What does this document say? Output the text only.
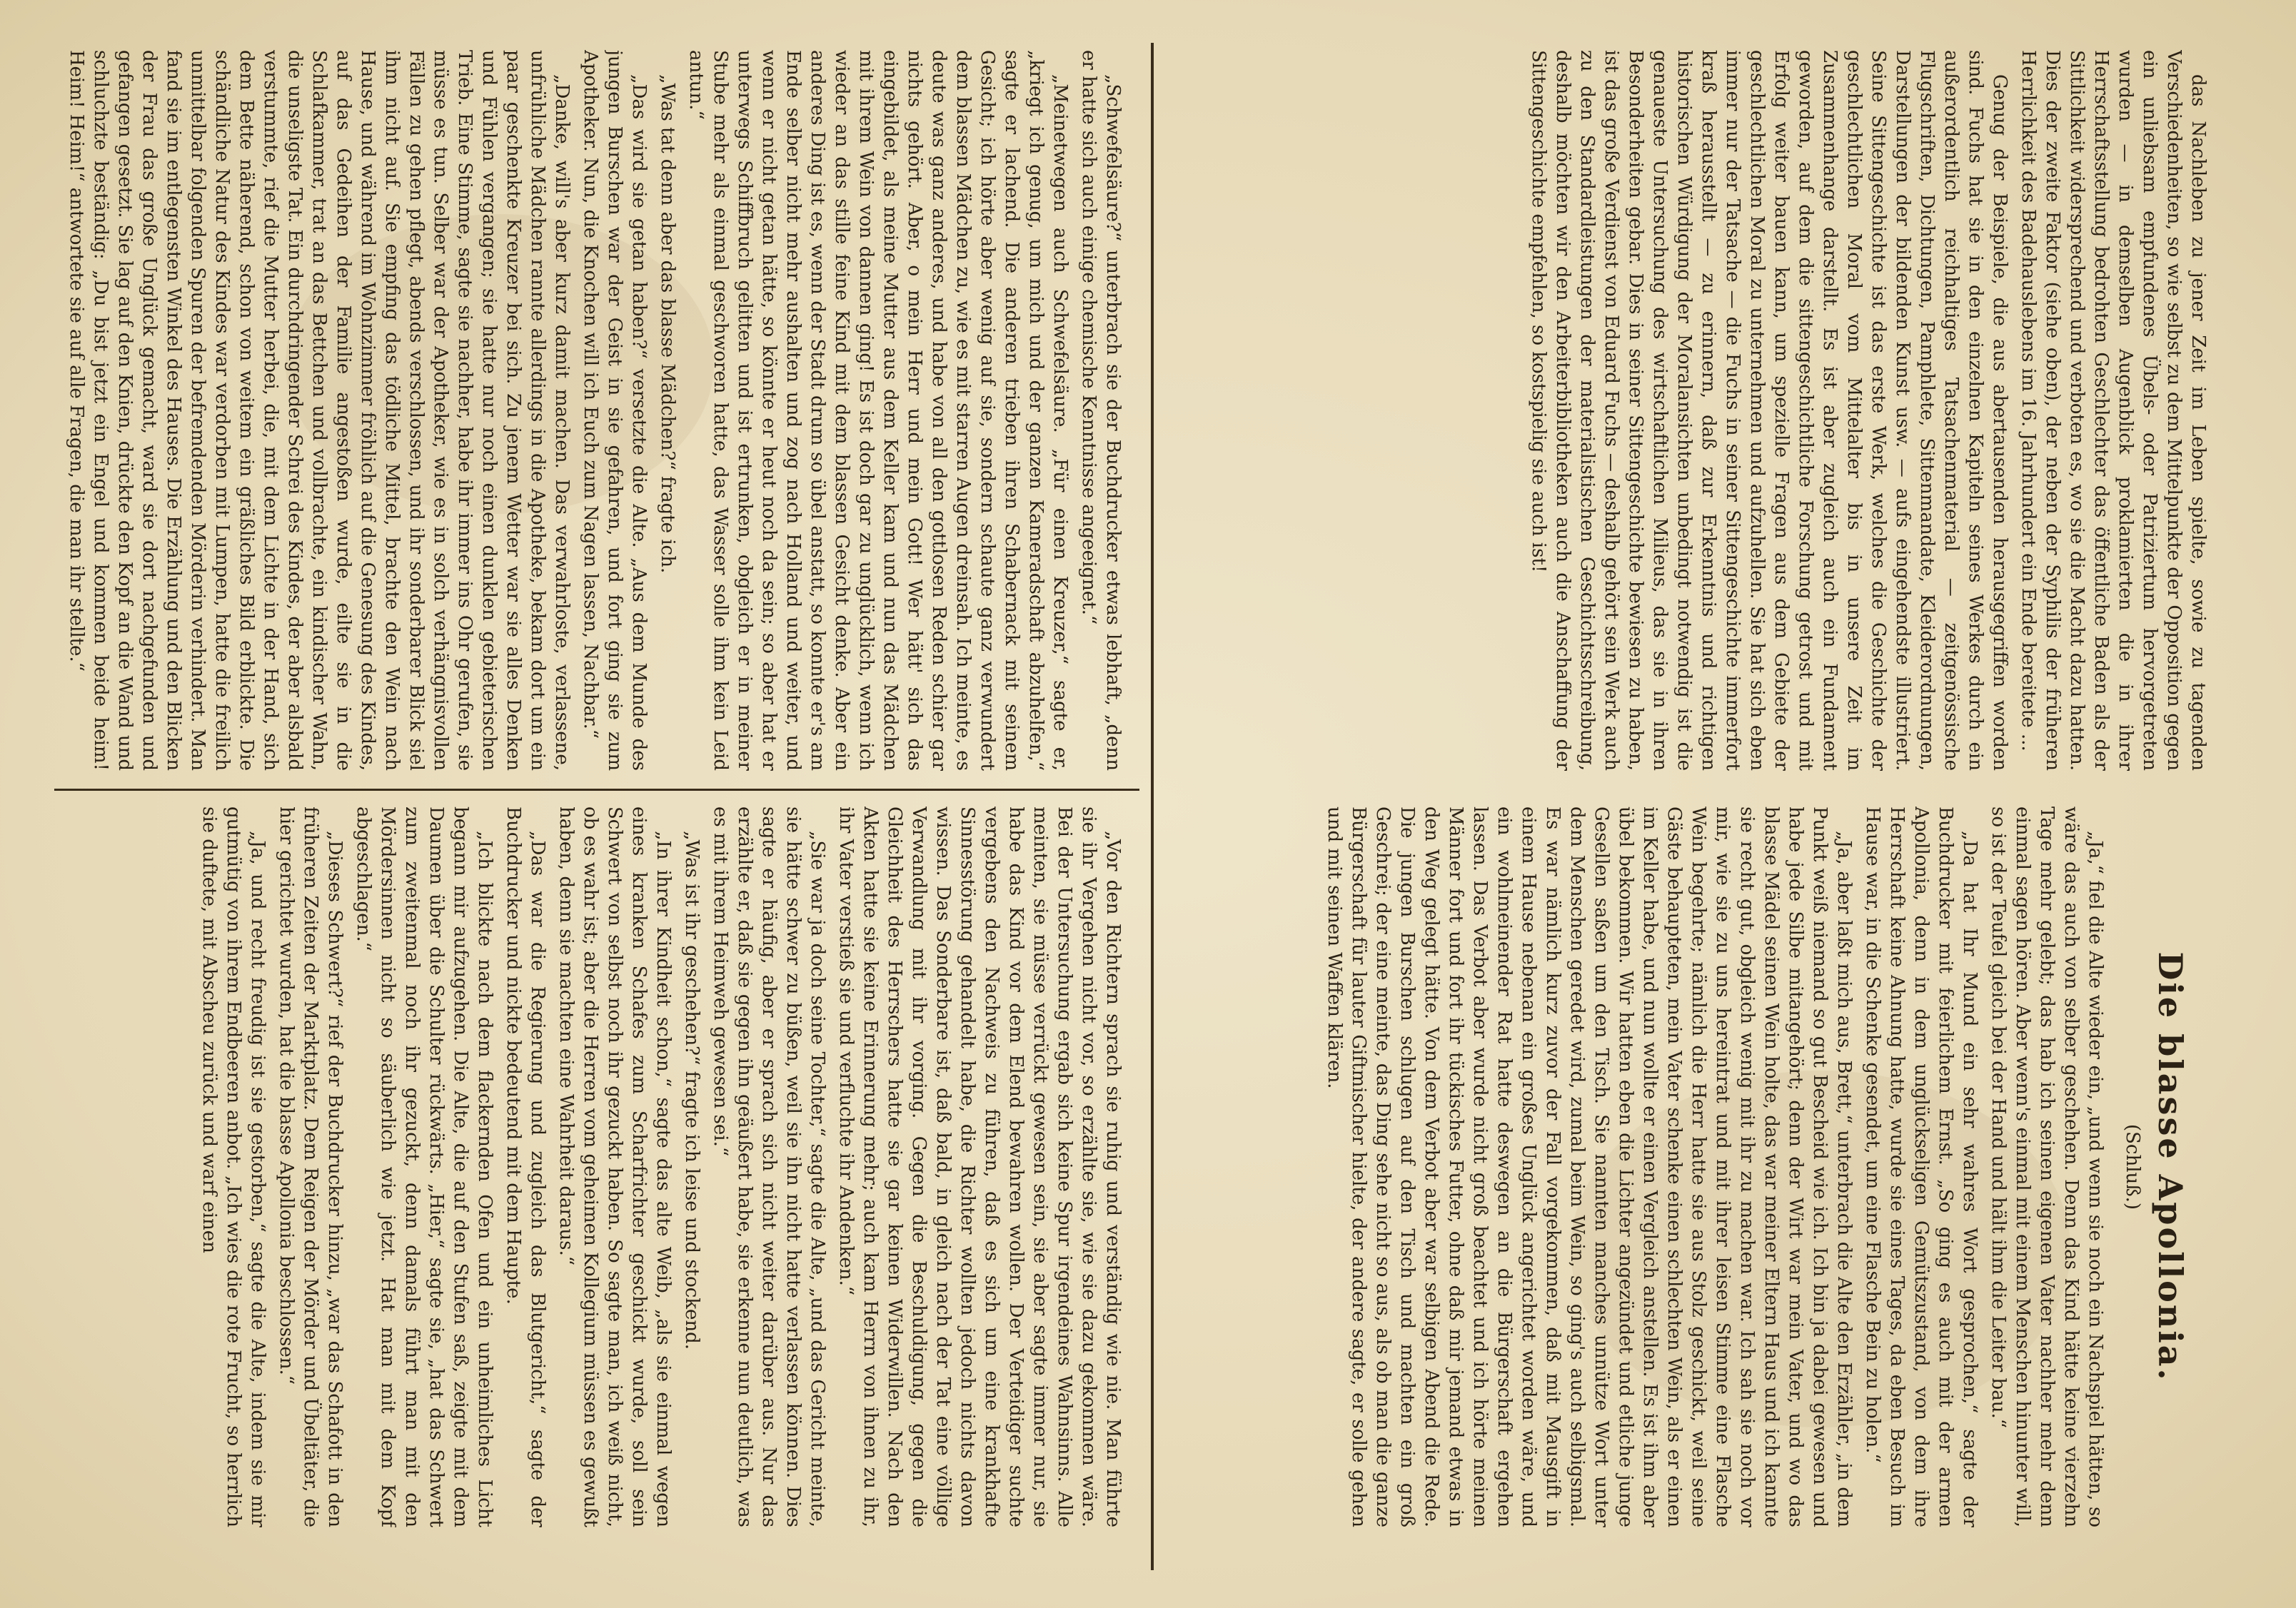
das Nachleben zu jener Zeit im Leben spielte, sowie zu tagenden Verschiedenheiten, so wie selbst zu dem Mittelpunkte der Opposition gegen ein unliebsam empfundenes Übels- oder Patriziertum hervorgetreten wurden — in demselben Augenblick proklamierten die in ihrer Herrschaftsstellung bedrohten Geschlechter das öffentliche Baden als der Sittlichkeit widersprechend und verboten es, wo sie die Macht dazu hatten. Dies der zweite Faktor (siehe oben), der neben der Syphilis der früheren Herrlichkeit des Badehauslebens im 16. Jahrhundert ein Ende bereitete ...

Genug der Beispiele, die aus abertausenden herausgegriffen worden sind. Fuchs hat sie in den einzelnen Kapiteln seines Werkes durch ein außerordentlich reichhaltiges Tatsachenmaterial — zeitgenössische Flugschriften, Dichtungen, Pamphlete, Sittenmandate, Kleiderordnungen, Darstellungen der bildenden Kunst usw. — aufs eingehendste illustriert. Seine Sittengeschichte ist das erste Werk, welches die Geschichte der geschlechtlichen Moral vom Mittelalter bis in unsere Zeit im Zusammenhange darstellt. Es ist aber zugleich auch ein Fundament geworden, auf dem die sittengeschichtliche Forschung getrost und mit Erfolg weiter bauen kann, um spezielle Fragen aus dem Gebiete der geschlechtlichen Moral zu unternehmen und aufzuhellen. Sie hat sich eben immer nur der Tatsache — die Fuchs in seiner Sittengeschichte immerfort kraß herausstellt — zu erinnern, daß zur Erkenntnis und richtigen historischen Würdigung der Moralansichten unbedingt notwendig ist die genaueste Untersuchung des wirtschaftlichen Milieus, das sie in ihren Besonderheiten gebar. Dies in seiner Sittengeschichte bewiesen zu haben, ist das große Verdienst von Eduard Fuchs — deshalb gehört sein Werk auch zu den Standardleistungen der materialistischen Geschichtsschreibung, deshalb möchten wir den Arbeiterbibliotheken auch die Anschaffung der Sittengeschichte empfehlen, so kostspielig sie auch ist!

Die blasse Apollonia.
(Schluß.)

„Ja,“ fiel die Alte wieder ein, „und wenn sie noch ein Nachspiel hätten, so wäre das auch von selber geschehen. Denn das Kind hätte keine vierzehn Tage mehr gelebt; das hab ich seinen eigenen Vater nachher mehr denn einmal sagen hören. Aber wenn's einmal mit einem Menschen hinunter will, so ist der Teufel gleich bei der Hand und hält ihm die Leiter bau.“

„Da hat Ihr Mund ein sehr wahres Wort gesprochen,“ sagte der Buchdrucker mit feierlichem Ernst. „So ging es auch mit der armen Apollonia, denn in dem unglückseligen Gemütszustand, von dem ihre Herrschaft keine Ahnung hatte, wurde sie eines Tages, da eben Besuch im Hause war, in die Schenke gesendet, um eine Flasche Bein zu holen.“

„Ja, aber laßt mich aus, Brett,“ unterbrach die Alte den Erzähler, „in dem Punkt weiß niemand so gut Bescheid wie ich. Ich bin ja dabei gewesen und habe jede Silbe mitangehört; denn der Wirt war mein Vater, und wo das blasse Mädel seinen Wein holte, das war meiner Eltern Haus und ich kannte sie recht gut, obgleich wenig mit ihr zu machen war. Ich sah sie noch vor mir, wie sie zu uns hereintrat und mit ihrer leisen Stimme eine Flasche Wein begehrte; nämlich die Herr hatte sie aus Stolz geschickt, weil seine Gäste behaupteten, mein Vater schenke einen schlechten Wein, als er einen im Keller habe, und nun wollte er einen Vergleich anstellen. Es ist ihm aber übel bekommen. Wir hatten eben die Lichter angezündet und etliche junge Gesellen saßen um den Tisch. Sie nannten manches unnütze Wort unter dem Menschen geredet wird, zumal beim Wein, so ging's auch selbigsmal. Es war nämlich kurz zuvor der Fall vorgekommen, daß mit Mausgift in einem Hause nebenan ein großes Unglück angerichtet worden wäre, und ein wohlmeinender Rat hatte deswegen an die Bürgerschaft ergehen lassen. Das Verbot aber wurde nicht groß beachtet und ich hörte meinen Männer fort und fort ihr tückisches Futter, ohne daß mir jemand etwas in den Weg gelegt hätte. Von dem Verbot aber war selbigen Abend die Rede. Die jungen Burschen schlugen auf den Tisch und machten ein groß Geschrei; der eine meinte, das Ding sehe nicht so aus, als ob man die ganze Bürgerschaft für lauter Giftmischer hielte, der andere sagte, er solle gehen und mit seinen Waffen klären.

„Schwefelsäure?“ unterbrach sie der Buchdrucker etwas lebhaft, „denn er hatte sich auch einige chemische Kenntnisse angeeignet.“

„Meinetwegen auch Schwefelsäure. „Für einen Kreuzer,“ sagte er, „kriegt ich genug, um mich und der ganzen Kameradschaft abzuhelfen,“ sagte er lachend. Die anderen trieben ihren Schabernack mit seinem Gesicht; ich hörte aber wenig auf sie, sondern schaute ganz verwundert dem blassen Mädchen zu, wie es mit starren Augen dreinsah. Ich meinte, es deute was ganz anderes, und habe von all den gottlosen Reden schier gar nichts gehört. Aber, o mein Herr und mein Gott! Wer hätt' sich das eingebildet, als meine Mutter aus dem Keller kam und nun das Mädchen mit ihrem Wein von dannen ging! Es ist doch gar zu unglücklich, wenn ich wieder an das stille feine Kind mit dem blassen Gesicht denke. Aber ein anderes Ding ist es, wenn der Stadt drum so übel anstatt, so konnte er's am Ende selber nicht mehr aushalten und zog nach Holland und weiter, und wenn er nicht getan hätte, so könnte er heut noch da sein; so aber hat er unterwegs Schiffbruch gelitten und ist ertrunken, obgleich er in meiner Stube mehr als einmal geschworen hatte, das Wasser solle ihm kein Leid antun.“

„Was tat denn aber das blasse Mädchen?“ fragte ich.

„Das wird sie getan haben?“ versetzte die Alte. „Aus dem Munde des jungen Burschen war der Geist in sie gefahren, und fort ging sie zum Apotheker. Nun, die Knochen will ich Euch zum Nagen lassen, Nachbar.“

„Danke, will's aber kurz damit machen. Das verwahrloste, verlassene, unfrühliche Mädchen rannte allerdings in die Apotheke, bekam dort um ein paar geschenkte Kreuzer bei sich. Zu jenem Wetter war sie alles Denken und Fühlen vergangen; sie hatte nur noch einen dunklen gebieterischen Trieb. Eine Stimme, sagte sie nachher, habe ihr immer ins Ohr gerufen, sie müsse es tun. Selber war der Apotheker, wie es in solch verhängnisvollen Fällen zu gehen pflegt, abends verschlossen, und ihr sonderbarer Blick siel ihm nicht auf. Sie empfing das tödliche Mittel, brachte den Wein nach Hause, und während im Wohnzimmer fröhlich auf die Genesung des Kindes, auf das Gedeihen der Familie angestoßen wurde, eilte sie in die Schlafkammer, trat an das Bettchen und vollbrachte, ein kindischer Wahn, die unseligste Tat. Ein durchdringender Schrei des Kindes, der aber alsbald verstummte, rief die Mutter herbei, die, mit dem Lichte in der Hand, sich dem Bette näherend, schon von weitem ein gräßliches Bild erblickte. Die schändliche Natur des Kindes war verdorben mit Lumpen, hatte die freilich unmittelbar folgenden Spuren der befremdenden Mörderin verhindert. Man fand sie im entlegensten Winkel des Hauses. Die Erzählung und den Blicken der Frau das große Unglück gemacht, ward sie dort nachgefunden und gefangen gesetzt. Sie lag auf den Knien, drückte den Kopf an die Wand und schluchzte beständig: „Du bist jetzt ein Engel und kommen beide heim! Heim! Heim!“ antwortete sie auf alle Fragen, die man ihr stellte.“

„Vor den Richtern sprach sie ruhig und verständig wie nie. Man führte sie ihr Vergehen nicht vor, so erzählte sie, wie sie dazu gekommen wäre. Bei der Untersuchung ergab sich keine Spur irgendeines Wahnsinns. Alle meinten, sie müsse verrückt gewesen sein, sie aber sagte immer nur, sie habe das Kind vor dem Elend bewahren wollen. Der Verteidiger suchte vergebens den Nachweis zu führen, daß es sich um eine krankhafte Sinnesstörung gehandelt habe, die Richter wollten jedoch nichts davon wissen. Das Sonderbare ist, daß bald, in gleich nach der Tat eine völlige Verwandlung mit ihr vorging. Gegen die Beschuldigung, gegen die Gleichheit des Herrschers hatte sie gar keinen Widerwillen. Nach den Akten hatte sie keine Erinnerung mehr; auch kam Herrn von ihnen zu ihr, ihr Vater verstieß sie und verfluchte ihr Andenken.“

„Sie war ja doch seine Tochter,“ sagte die Alte, „und das Gericht meinte, sie hätte schwer zu büßen, weil sie ihn nicht hatte verlassen können. Dies sagte er häufig, aber er sprach sich nicht weiter darüber aus. Nur das erzählte er, daß sie gegen ihn geäußert habe, sie erkenne nun deutlich, was es mit ihrem Heimweh gewesen sei.“

„Was ist ihr geschehen?“ fragte ich leise und stockend.

„In ihrer Kindheit schon,“ sagte das alte Weib, „als sie einmal wegen eines kranken Schafes zum Scharfrichter geschickt wurde, soll sein Schwert von selbst noch ihr gezuckt haben. So sagte man, ich weiß nicht, ob es wahr ist; aber die Herren vom geheimen Kollegium müssen es gewußt haben, denn sie machten eine Wahrheit daraus.“

„Das war die Regierung und zugleich das Blutgericht,“ sagte der Buchdrucker und nickte bedeutend mit dem Haupte.

„Ich blickte nach dem flackernden Ofen und ein unheimliches Licht begann mir aufzugehen. Die Alte, die auf den Stufen saß, zeigte mit dem Daumen über die Schulter rückwärts. „Hier,“ sagte sie, „hat das Schwert zum zweitenmal noch ihr gezuckt, denn damals führt man mit den Mördersinnen nicht so säuberlich wie jetzt. Hat man mit dem Kopf abgeschlagen.“

„Dieses Schwert?“ rief der Buchdrucker hinzu, „war das Schafott in den früheren Zeiten der Marktplatz. Dem Reigen der Mörder und Übeltäter, die hier gerichtet wurden, hat die blasse Apollonia beschlossen.“

„Ja, und recht freudig ist sie gestorben,“ sagte die Alte, indem sie mir gutmütig von ihrem Endbeeren anbot. „Ich wies die rote Frucht, so herrlich sie duftete, mit Abscheu zurück und warf einen
